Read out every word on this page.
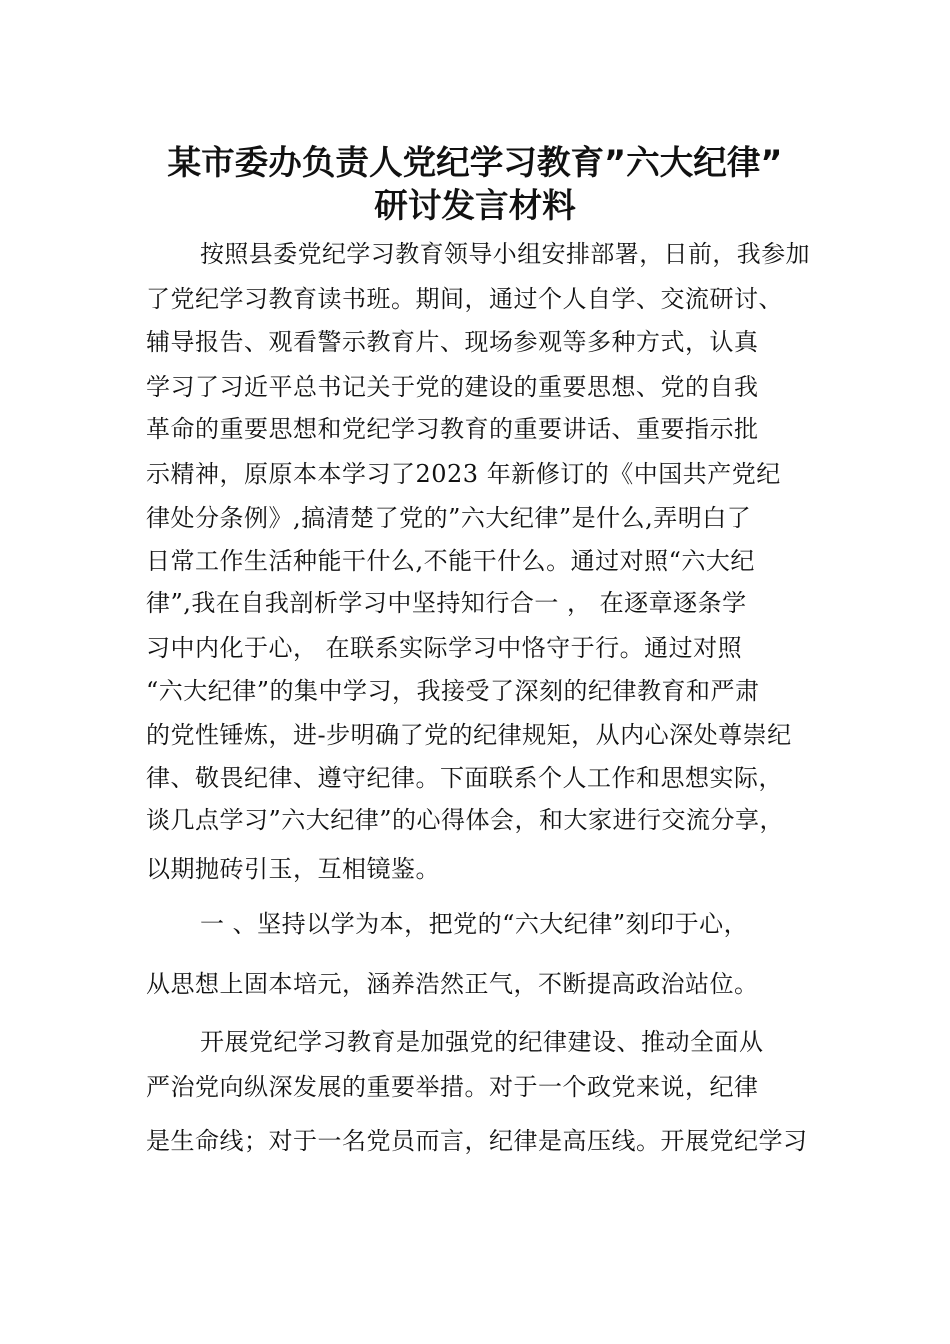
某市委办负责人党纪学习教育”六大纪律”
研讨发言材料

按照县委党纪学习教育领导小组安排部署，日前，我参加

了党纪学习教育读书班。期间，通过个人自学、交流研讨、

辅导报告、观看警示教育片、现场参观等多种方式，认真

学习了习近平总书记关于党的建设的重要思想、党的自我

革命的重要思想和党纪学习教育的重要讲话、重要指示批

示精神，原原本本学习了2023 年新修订的《中国共产党纪

律处分条例》,搞清楚了党的”六大纪律”是什么,弄明白了

日常工作生活种能干什么,不能干什么。通过对照“六大纪

律”,我在自我剖析学习中坚持知行合一 ， 在逐章逐条学

习中内化于心， 在联系实际学习中恪守于行。通过对照

“六大纪律”的集中学习，我接受了深刻的纪律教育和严肃

的党性锤炼，进-步明确了党的纪律规矩，从内心深处尊崇纪

律、敬畏纪律、遵守纪律。下面联系个人工作和思想实际，

谈几点学习”六大纪律”的心得体会，和大家进行交流分享，

以期抛砖引玉，互相镜鉴。

一 、坚持以学为本，把党的“六大纪律”刻印于心，

从思想上固本培元，涵养浩然正气，不断提高政治站位。

开展党纪学习教育是加强党的纪律建设、推动全面从

严治党向纵深发展的重要举措。对于一个政党来说，纪律

是生命线；对于一名党员而言，纪律是高压线。开展党纪学习
